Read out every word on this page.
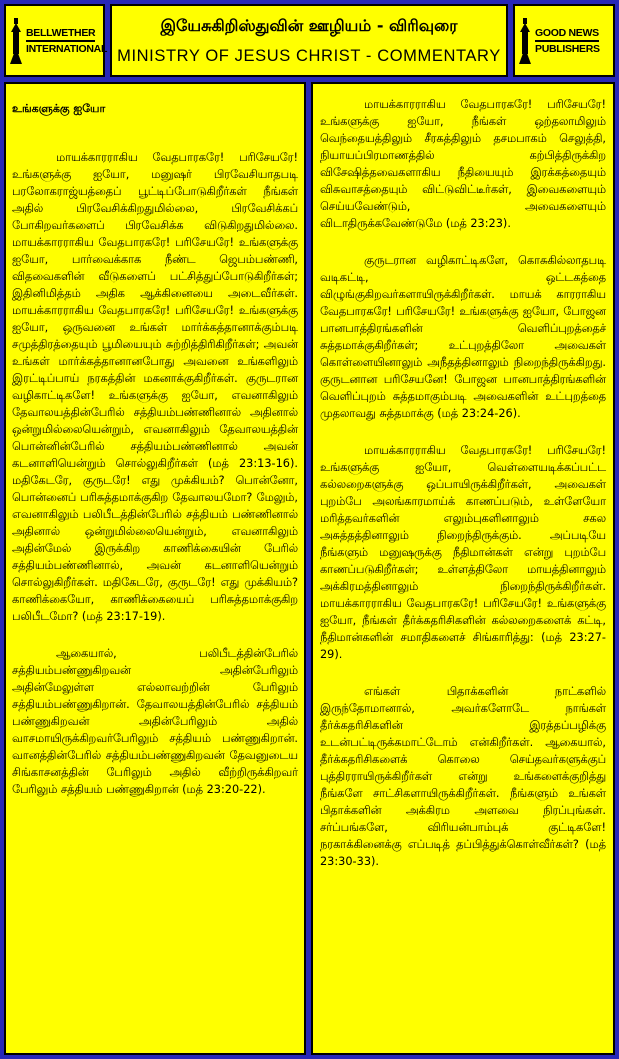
BELLWETHER
INTERNATIONAL
இயேசுகிறிஸ்துவின் ஊழியம் - விரிவுரை
MINISTRY OF JESUS CHRIST - COMMENTARY
GOOD NEWS
PUBLISHERS
உங்களுக்கு ஐயோ

மாயக்காரராகிய வேதபாரகரே! பரிசேயரே! உங்களுக்கு ஐயோ, மனுஷர் பிரவேசியாதபடி பரலோகராஜ்யத்தைப் பூட்டிப்போடுகிறீர்கள் நீங்கள் அதில் பிரவேசிக்கிறதுமில்லை, பிரவேசிக்கப் போகிறவர்களைப் பிரவேசிக்க விடுகிறதுமில்லை. மாயக்காரராகிய வேதபாரகரே! பரிசேயரே! உங்களுக்கு ஐயோ, பார்வைக்காக நீண்ட ஜெபம்பண்ணி, விதவைகளின் வீடுகளைப் பட்சித்துப்போடுகிறீர்கள்; இதினிமித்தம் அதிக ஆக்கினையை அடைவீர்கள். மாயக்காரராகிய வேதபாரகரே! பரிசேயரே! உங்களுக்கு ஐயோ, ஒருவனை உங்கள் மார்க்கத்தானாக்கும்படி சமுத்திரத்தையும் பூமியையும் சுற்றித்திரிகிறீர்கள்; அவன் உங்கள் மார்க்கத்தானானபோது அவனை உங்களிலும் இரட்டிப்பாய் நரகத்தின் மகனாக்குகிறீர்கள். குருடரான வழிகாட்டிகளே! உங்களுக்கு ஐயோ, எவனாகிலும் தேவாலயத்தின்பேரில் சத்தியம்பண்ணினால் அதினால் ஒன்றுமில்லையென்றும், எவனாகிலும் தேவாலயத்தின் பொன்னின்பேரில் சத்தியம்பண்ணினால் அவன் கடனாளியென்றும் சொல்லுகிறீர்கள் (மத் 23:13-16). மதிகேடரே, குருடரே! எது முக்கியம்? பொன்னோ, பொன்னைப் பரிசுத்தமாக்குகிற தேவாலயமோ? மேலும், எவனாகிலும் பலிபீடத்தின்பேரில் சத்தியம் பண்ணினால் அதினால் ஒன்றுமில்லையென்றும், எவனாகிலும் அதின்மேல் இருக்கிற காணிக்கையின் பேரில் சத்தியம்பண்ணினால், அவன் கடனாளியென்றும் சொல்லுகிறீர்கள். மதிகேடரே, குருடரே! எது முக்கியம்? காணிக்கையோ, காணிக்கையைப் பரிசுத்தமாக்குகிற பலிபீடமோ? (மத் 23:17-19).

ஆகையால், பலிபீடத்தின்பேரில் சத்தியம்பண்ணுகிறவன் அதின்பேரிலும் அதின்மேலுள்ள எல்லாவற்றின் பேரிலும் சத்தியம்பண்ணுகிறான். தேவாலயத்தின்பேரில் சத்தியம் பண்ணுகிறவன் அதின்பேரிலும் அதில் வாசமாயிருக்கிறவர்பேரிலும் சத்தியம் பண்ணுகிறான். வானத்தின்பேரில் சத்தியம்பண்ணுகிறவன் தேவனுடைய சிங்காசனத்தின் பேரிலும் அதில் வீற்றிருக்கிறவர் பேரிலும் சத்தியம் பண்ணுகிறான் (மத் 23:20-22).

மாயக்காரராகிய வேதபாரகரே! பரிசேயரே! உங்களுக்கு ஐயோ, நீங்கள் ஒற்தலாமிலும் வெந்தையத்திலும் சீரகத்திலும் தசமபாகம் செலுத்தி, நியாயப்பிரமாணத்தில் கற்பித்திருக்கிற விசேஷித்தவைகளாகிய நீதியையும் இரக்கத்தையும் விசுவாசத்தையும் விட்டுவிட்டீர்கள், இவைகளையும் செய்யவேண்டும், அவைகளையும் விடாதிருக்கவேண்டுமே (மத் 23:23).

குருடரான வழிகாட்டிகளே, கொசுகில்லாதபடி வடிகட்டி, ஒட்டகத்தை விழுங்குகிறவர்களாயிருக்கிறீர்கள். மாயக் காரராகிய வேதபாரகரே! பரிசேயரே! உங்களுக்கு ஐயோ, போஜன பானபாத்திரங்களின் வெளிப்புறத்தைச் சுத்தமாக்குகிறீர்கள்; உட்புறத்திலோ அவைகள் கொள்ளையினாலும் அநீதத்தினாலும் நிறைந்திருக்கிறது. குருடனான பரிசேயனே! போஜன பானபாத்திரங்களின் வெளிப்புறம் சுத்தமாகும்படி அவைகளின் உட்புறத்தை முதலாவது சுத்தமாக்கு (மத் 23:24-26).

மாயக்காரராகிய வேதபாரகரே! பரிசேயரே! உங்களுக்கு ஐயோ, வெள்ளையடிக்கப்பட்ட கல்லறைகளுக்கு ஒப்பாயிருக்கிறீர்கள், அவைகள் புறம்பே அலங்காரமாய்க் காணப்படும், உள்ளேயோ மரித்தவர்களின் எலும்புகளினாலும் சகல அசுத்தத்தினாலும் நிறைந்திருக்கும். அப்படியே நீங்களும் மனுஷருக்கு நீதிமான்கள் என்று புறம்பே காணப்படுகிறீர்கள்; உள்ளத்திலோ மாயத்தினாலும் அக்கிரமத்தினாலும் நிறைந்திருக்கிறீர்கள். மாயக்காரராகிய வேதபாரகரே! பரிசேயரே! உங்களுக்கு ஐயோ, நீங்கள் தீர்க்கதரிசிகளின் கல்லறைகளைக் கட்டி, நீதிமான்களின் சமாதிகளைச் சிங்காரித்து: (மத் 23:27-29).

எங்கள் பிதாக்களின் நாட்களில் இருந்தோமானால், அவர்களோடே நாங்கள் தீர்க்கதரிசிகளின் இரத்தப்பழிக்கு உடன்பட்டிருக்கமாட்டோம் என்கிறீர்கள். ஆகையால், தீர்க்கதரிசிகளைக் கொலை செய்தவர்களுக்குப் புத்திரராயிருக்கிறீர்கள் என்று உங்களைக்குறித்து நீங்களே சாட்சிகளாயிருக்கிறீர்கள். நீங்களும் உங்கள் பிதாக்களின் அக்கிரம அளவை நிரப்புங்கள். சர்ப்பங்களே, விரியன்பாம்புக் குட்டிகளே! நரகாக்கினைக்கு எப்படித் தப்பித்துக்கொள்வீர்கள்? (மத் 23:30-33).
